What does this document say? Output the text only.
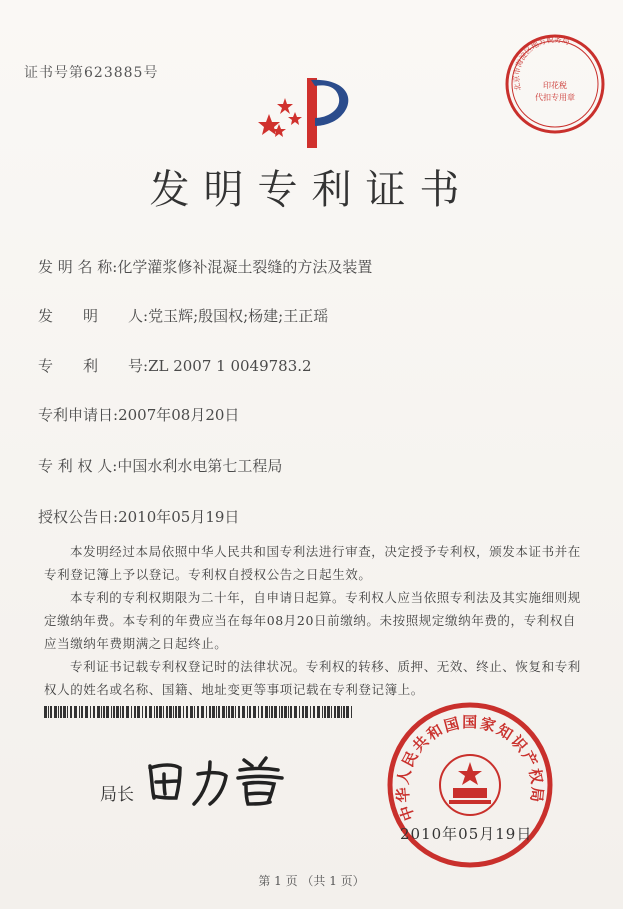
证书号第623885号
北京市海淀区地方税务局
印花税
代扣专用章
发明专利证书
发 明 名 称:化学灌浆修补混凝土裂缝的方法及装置
发　　明　　人:党玉辉;殷国权;杨建;王正瑶
专　　利　　号:ZL 2007 1 0049783.2
专利申请日:2007年08月20日
专 利 权 人:中国水利水电第七工程局
授权公告日:2010年05月19日

本发明经过本局依照中华人民共和国专利法进行审查，决定授予专利权，颁发本证书并在专利登记簿上予以登记。专利权自授权公告之日起生效。

本专利的专利权期限为二十年，自申请日起算。专利权人应当依照专利法及其实施细则规定缴纳年费。本专利的年费应当在每年08月20日前缴纳。未按照规定缴纳年费的，专利权自应当缴纳年费期满之日起终止。

专利证书记载专利权登记时的法律状况。专利权的转移、质押、无效、终止、恢复和专利权人的姓名或名称、国籍、地址变更等事项记载在专利登记簿上。

局长
中华人民共和国国家知识产权局
2010年05月19日
第 1 页 （共 1 页）
